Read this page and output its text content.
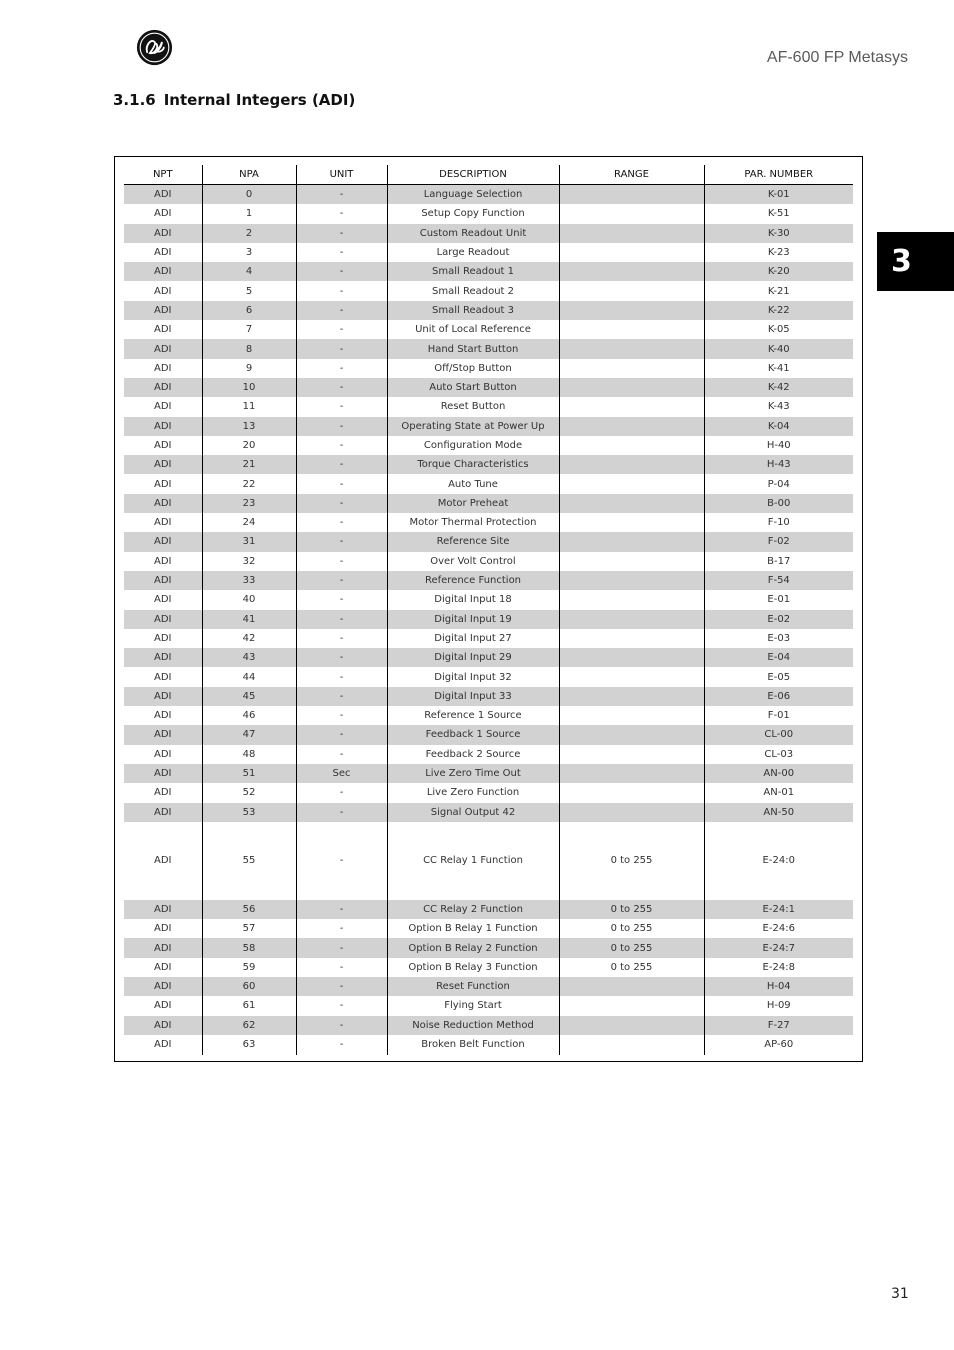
AF-600 FP Metasys
3.1.6 Internal Integers (ADI)
3
NPT	NPA	UNIT	DESCRIPTION	RANGE	PAR. NUMBER
ADI	0	-	Language Selection		K-01
ADI	1	-	Setup Copy Function		K-51
ADI	2	-	Custom Readout Unit		K-30
ADI	3	-	Large Readout		K-23
ADI	4	-	Small Readout 1		K-20
ADI	5	-	Small Readout 2		K-21
ADI	6	-	Small Readout 3		K-22
ADI	7	-	Unit of Local Reference		K-05
ADI	8	-	Hand Start Button		K-40
ADI	9	-	Off/Stop Button		K-41
ADI	10	-	Auto Start Button		K-42
ADI	11	-	Reset Button		K-43
ADI	13	-	Operating State at Power Up		K-04
ADI	20	-	Configuration Mode		H-40
ADI	21	-	Torque Characteristics		H-43
ADI	22	-	Auto Tune		P-04
ADI	23	-	Motor Preheat		B-00
ADI	24	-	Motor Thermal Protection		F-10
ADI	31	-	Reference Site		F-02
ADI	32	-	Over Volt Control		B-17
ADI	33	-	Reference Function		F-54
ADI	40	-	Digital Input 18		E-01
ADI	41	-	Digital Input 19		E-02
ADI	42	-	Digital Input 27		E-03
ADI	43	-	Digital Input 29		E-04
ADI	44	-	Digital Input 32		E-05
ADI	45	-	Digital Input 33		E-06
ADI	46	-	Reference 1 Source		F-01
ADI	47	-	Feedback 1 Source		CL-00
ADI	48	-	Feedback 2 Source		CL-03
ADI	51	Sec	Live Zero Time Out		AN-00
ADI	52	-	Live Zero Function		AN-01
ADI	53	-	Signal Output 42		AN-50
ADI	55	-	CC Relay 1 Function	0 to 255	E-24:0
ADI	56	-	CC Relay 2 Function	0 to 255	E-24:1
ADI	57	-	Option B Relay 1 Function	0 to 255	E-24:6
ADI	58	-	Option B Relay 2 Function	0 to 255	E-24:7
ADI	59	-	Option B Relay 3 Function	0 to 255	E-24:8
ADI	60	-	Reset Function		H-04
ADI	61	-	Flying Start		H-09
ADI	62	-	Noise Reduction Method		F-27
ADI	63	-	Broken Belt Function		AP-60
31
